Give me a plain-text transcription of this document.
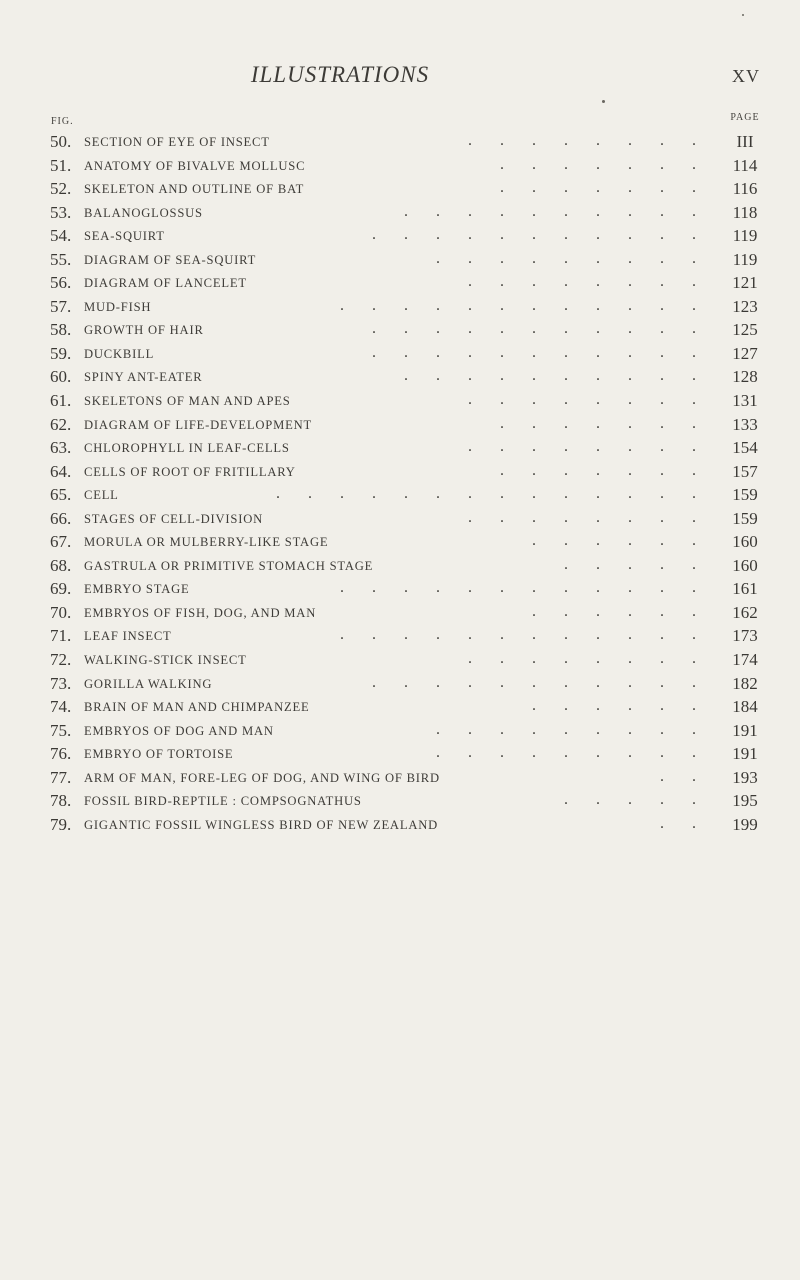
ILLUSTRATIONS	XV
FIG.	PAGE
50. SECTION OF EYE OF INSECT	. . . . . . . .	III
51. ANATOMY OF BIVALVE MOLLUSC	. . . . . . .	114
52. SKELETON AND OUTLINE OF BAT	. . . . . . .	116
53. BALANOGLOSSUS	. . . . . . . . . .	118
54. SEA-SQUIRT	. . . . . . . . . . .	119
55. DIAGRAM OF SEA-SQUIRT	. . . . . . . . .	119
56. DIAGRAM OF LANCELET	. . . . . . . .	121
57. MUD-FISH	. . . . . . . . . . . .	123
58. GROWTH OF HAIR	. . . . . . . . . . .	125
59. DUCKBILL	. . . . . . . . . . .	127
60. SPINY ANT-EATER	. . . . . . . . . .	128
61. SKELETONS OF MAN AND APES	. . . . . . . .	131
62. DIAGRAM OF LIFE-DEVELOPMENT	. . . . . . .	133
63. CHLOROPHYLL IN LEAF-CELLS	. . . . . . . .	154
64. CELLS OF ROOT OF FRITILLARY	. . . . . . .	157
65. CELL	. . . . . . . . . . . . . .	159
66. STAGES OF CELL-DIVISION	. . . . . . . .	159
67. MORULA OR MULBERRY-LIKE STAGE	. . . . . .	160
68. GASTRULA OR PRIMITIVE STOMACH STAGE	. . . . .	160
69. EMBRYO STAGE	. . . . . . . . . . . .	161
70. EMBRYOS OF FISH, DOG, AND MAN	. . . . . .	162
71. LEAF INSECT	. . . . . . . . . . . .	173
72. WALKING-STICK INSECT	. . . . . . . .	174
73. GORILLA WALKING	. . . . . . . . . . .	182
74. BRAIN OF MAN AND CHIMPANZEE	. . . . . .	184
75. EMBRYOS OF DOG AND MAN	. . . . . . . . .	191
76. EMBRYO OF TORTOISE	. . . . . . . . .	191
77. ARM OF MAN, FORE-LEG OF DOG, AND WING OF BIRD	. .	193
78. FOSSIL BIRD-REPTILE : COMPSOGNATHUS	. . . . .	195
79. GIGANTIC FOSSIL WINGLESS BIRD OF NEW ZEALAND	. .	199
